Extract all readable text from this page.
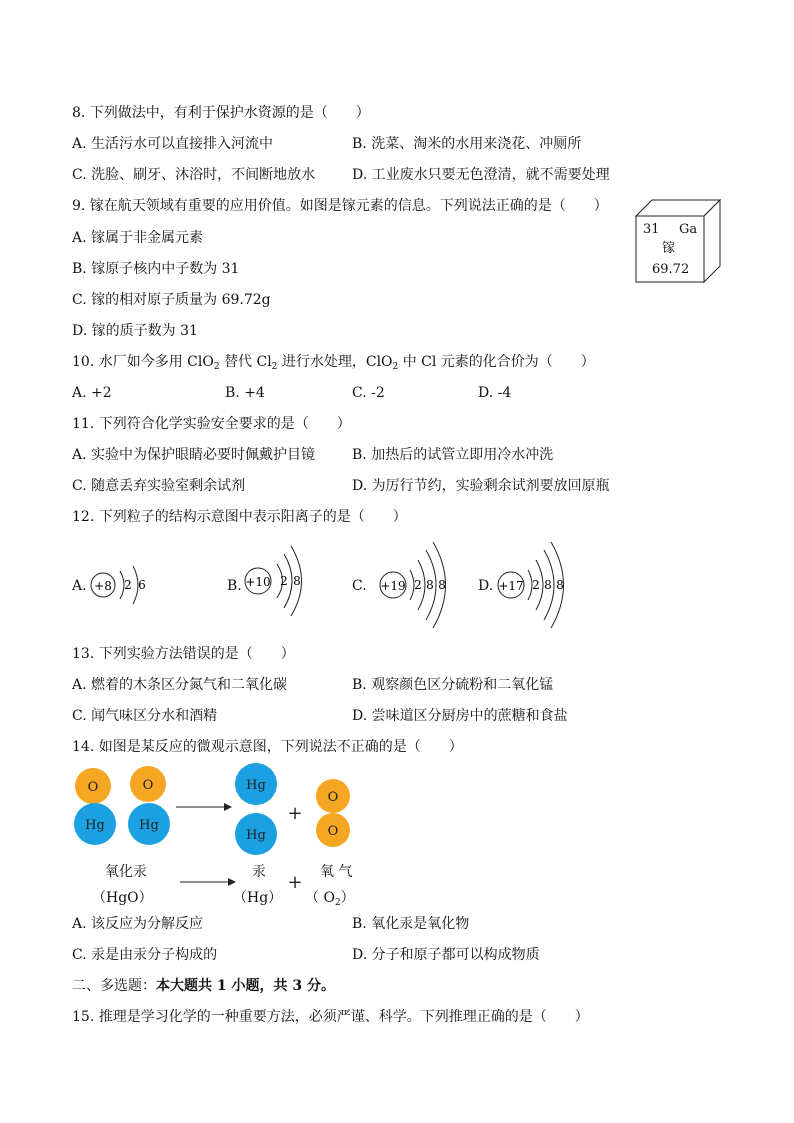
8. 下列做法中，有利于保护水资源的是（　　）
A. 生活污水可以直接排入河流中	B. 洗菜、淘米的水用来浇花、冲厕所
C. 洗脸、刷牙、沐浴时，不间断地放水	D. 工业废水只要无色澄清，就不需要处理
9. 镓在航天领域有重要的应用价值。如图是镓元素的信息。下列说法正确的是（　　）
A. 镓属于非金属元素
B. 镓原子核内中子数为 31
C. 镓的相对原子质量为 69.72g
D. 镓的质子数为 31
31 Ga
镓
69.72
10. 水厂如今多用 ClO$_2$ 替代 $Cl_2$ 进行水处理，ClO$_2$ 中 Cl 元素的化合价为（　　）
A. +2	B. +4	C. -2	D. -4
11. 下列符合化学实验安全要求的是（　　）
A. 实验中为保护眼睛必要时佩戴护目镜	B. 加热后的试管立即用冷水冲洗
C. 随意丢弃实验室剩余试剂	D. 为厉行节约，实验剩余试剂要放回原瓶
12. 下列粒子的结构示意图中表示阳离子的是（　　）
A. +8 2 6	B. +10 2 8	C. +19 2 8 8 D. +17 2 8 8
13. 下列实验方法错误的是（　　）
A. 燃着的木条区分氮气和二氧化碳	B. 观察颜色区分硫粉和二氧化锰
C. 闻气味区分水和酒精	D. 尝味道区分厨房中的蔗糖和食盐
14. 如图是某反应的微观示意图，下列说法不正确的是（　　）
O
Hg
O
Hg
Hg
Hg
+
O
O
+
氧化汞
（HgO）
汞
（Hg）
氧 气
（ $O_2$）
A. 该反应为分解反应	B. 氧化汞是氧化物
C. 汞是由汞分子构成的	D. 分子和原子都可以构成物质
二、多选题：本大题共 1 小题，共 3 分。
15. 推理是学习化学的一种重要方法，必须严谨、科学。下列推理正确的是（　　）
